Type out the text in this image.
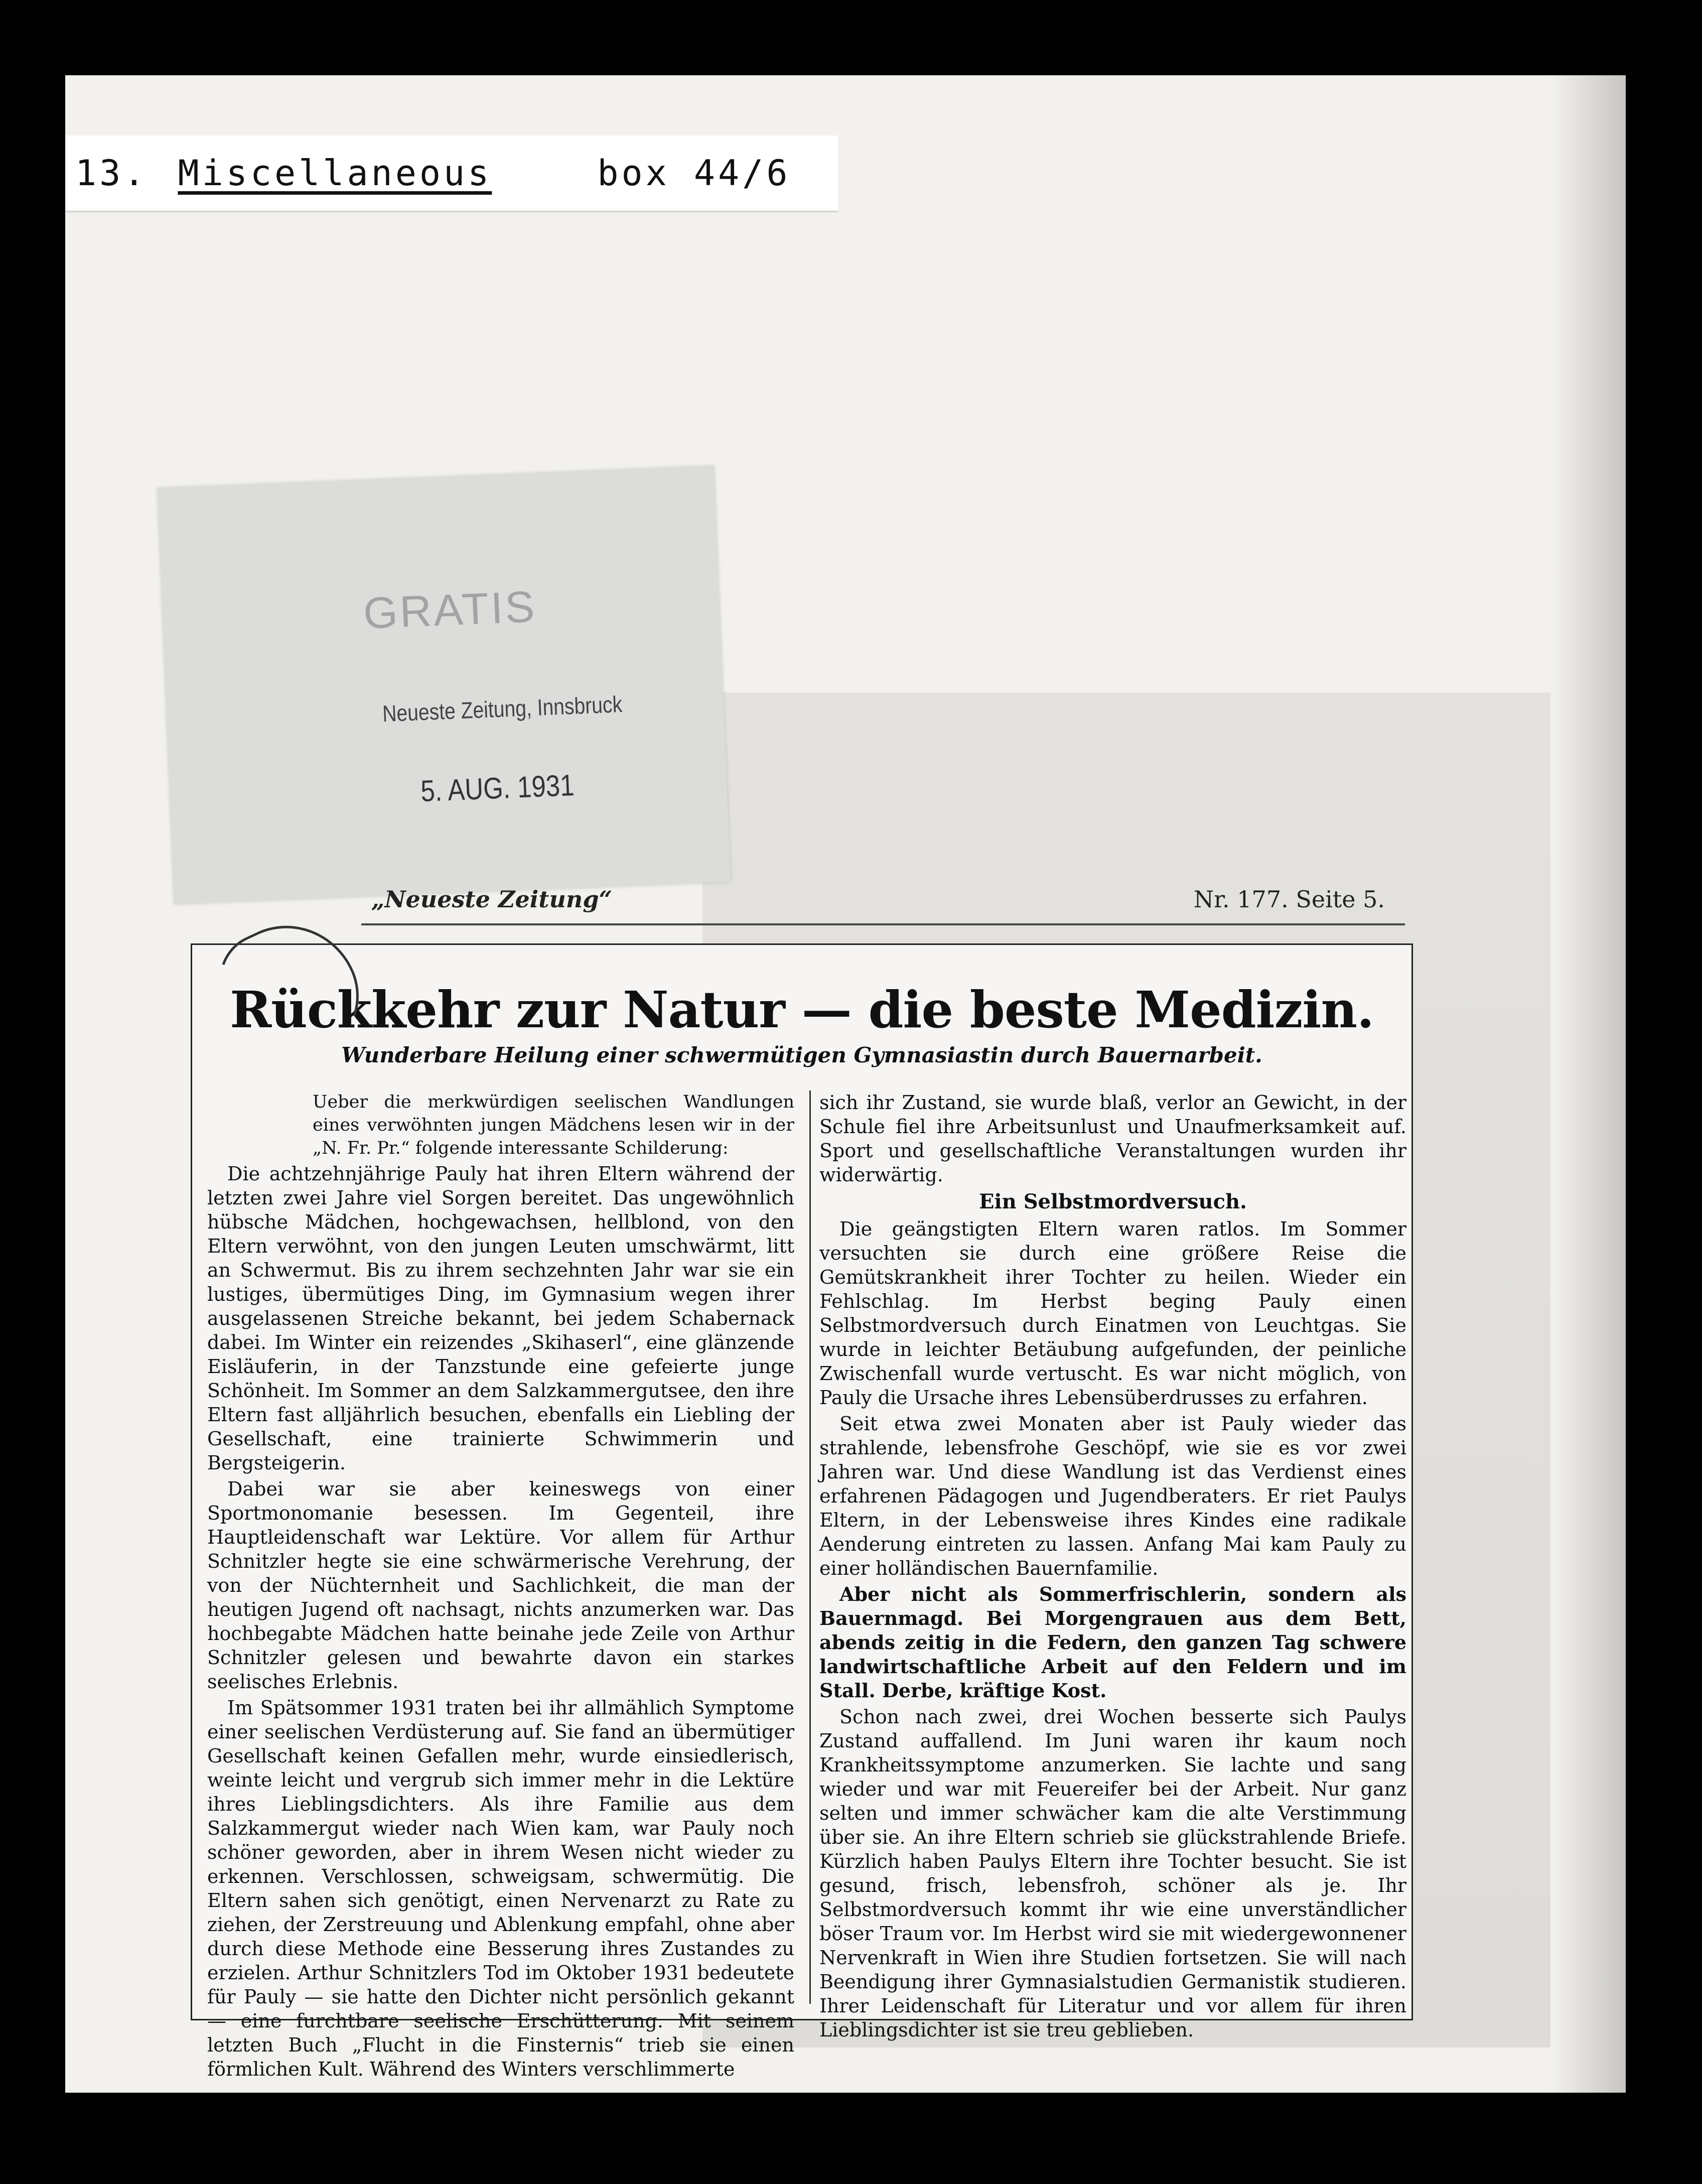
13. Miscellaneous	box 44/6
GRATIS
Neueste Zeitung, Innsbruck
5. AUG. 1931
„Neueste Zeitung“	Nr. 177. Seite 5.
Rückkehr zur Natur — die beste Medizin.
Wunderbare Heilung einer schwermütigen Gymnasiastin durch Bauernarbeit.

Ueber die merkwürdigen seelischen Wandlungen eines verwöhnten jungen Mädchens lesen wir in der „N. Fr. Pr.“ folgende interessante Schilderung:

Die achtzehnjährige Pauly hat ihren Eltern während der letzten zwei Jahre viel Sorgen bereitet. Das ungewöhnlich hübsche Mädchen, hochgewachsen, hellblond, von den Eltern verwöhnt, von den jungen Leuten umschwärmt, litt an Schwermut. Bis zu ihrem sechzehnten Jahr war sie ein lustiges, übermütiges Ding, im Gymnasium wegen ihrer ausgelassenen Streiche bekannt, bei jedem Schabernack dabei. Im Winter ein reizendes „Skihaserl“, eine glänzende Eisläuferin, in der Tanzstunde eine gefeierte junge Schönheit. Im Sommer an dem Salzkammergutsee, den ihre Eltern fast alljährlich besuchen, ebenfalls ein Liebling der Gesellschaft, eine trainierte Schwimmerin und Bergsteigerin.

Dabei war sie aber keineswegs von einer Sportmonomanie besessen. Im Gegenteil, ihre Hauptleidenschaft war Lektüre. Vor allem für Arthur Schnitzler hegte sie eine schwärmerische Verehrung, der von der Nüchternheit und Sachlichkeit, die man der heutigen Jugend oft nachsagt, nichts anzumerken war. Das hochbegabte Mädchen hatte beinahe jede Zeile von Arthur Schnitzler gelesen und bewahrte davon ein starkes seelisches Erlebnis.

Im Spätsommer 1931 traten bei ihr allmählich Symptome einer seelischen Verdüsterung auf. Sie fand an übermütiger Gesellschaft keinen Gefallen mehr, wurde einsiedlerisch, weinte leicht und vergrub sich immer mehr in die Lektüre ihres Lieblingsdichters. Als ihre Familie aus dem Salzkammergut wieder nach Wien kam, war Pauly noch schöner geworden, aber in ihrem Wesen nicht wieder zu erkennen. Verschlossen, schweigsam, schwermütig. Die Eltern sahen sich genötigt, einen Nervenarzt zu Rate zu ziehen, der Zerstreuung und Ablenkung empfahl, ohne aber durch diese Methode eine Besserung ihres Zustandes zu erzielen. Arthur Schnitzlers Tod im Oktober 1931 bedeutete für Pauly — sie hatte den Dichter nicht persönlich gekannt — eine furchtbare seelische Erschütterung. Mit seinem letzten Buch „Flucht in die Finsternis“ trieb sie einen förmlichen Kult. Während des Winters verschlimmerte

sich ihr Zustand, sie wurde blaß, verlor an Gewicht, in der Schule fiel ihre Arbeitsunlust und Unaufmerksamkeit auf. Sport und gesellschaftliche Veranstaltungen wurden ihr widerwärtig.

Ein Selbstmordversuch.

Die geängstigten Eltern waren ratlos. Im Sommer versuchten sie durch eine größere Reise die Gemütskrankheit ihrer Tochter zu heilen. Wieder ein Fehlschlag. Im Herbst beging Pauly einen Selbstmordversuch durch Einatmen von Leuchtgas. Sie wurde in leichter Betäubung aufgefunden, der peinliche Zwischenfall wurde vertuscht. Es war nicht möglich, von Pauly die Ursache ihres Lebensüberdrusses zu erfahren.

Seit etwa zwei Monaten aber ist Pauly wieder das strahlende, lebensfrohe Geschöpf, wie sie es vor zwei Jahren war. Und diese Wandlung ist das Verdienst eines erfahrenen Pädagogen und Jugendberaters. Er riet Paulys Eltern, in der Lebensweise ihres Kindes eine radikale Aenderung eintreten zu lassen. Anfang Mai kam Pauly zu einer holländischen Bauernfamilie.

Aber nicht als Sommerfrischlerin, sondern als Bauernmagd. Bei Morgengrauen aus dem Bett, abends zeitig in die Federn, den ganzen Tag schwere landwirtschaftliche Arbeit auf den Feldern und im Stall. Derbe, kräftige Kost.

Schon nach zwei, drei Wochen besserte sich Paulys Zustand auffallend. Im Juni waren ihr kaum noch Krankheitssymptome anzumerken. Sie lachte und sang wieder und war mit Feuereifer bei der Arbeit. Nur ganz selten und immer schwächer kam die alte Verstimmung über sie. An ihre Eltern schrieb sie glückstrahlende Briefe. Kürzlich haben Paulys Eltern ihre Tochter besucht. Sie ist gesund, frisch, lebensfroh, schöner als je. Ihr Selbstmordversuch kommt ihr wie eine unverständlicher böser Traum vor. Im Herbst wird sie mit wiedergewonnener Nervenkraft in Wien ihre Studien fortsetzen. Sie will nach Beendigung ihrer Gymnasialstudien Germanistik studieren. Ihrer Leidenschaft für Literatur und vor allem für ihren Lieblingsdichter ist sie treu geblieben.
